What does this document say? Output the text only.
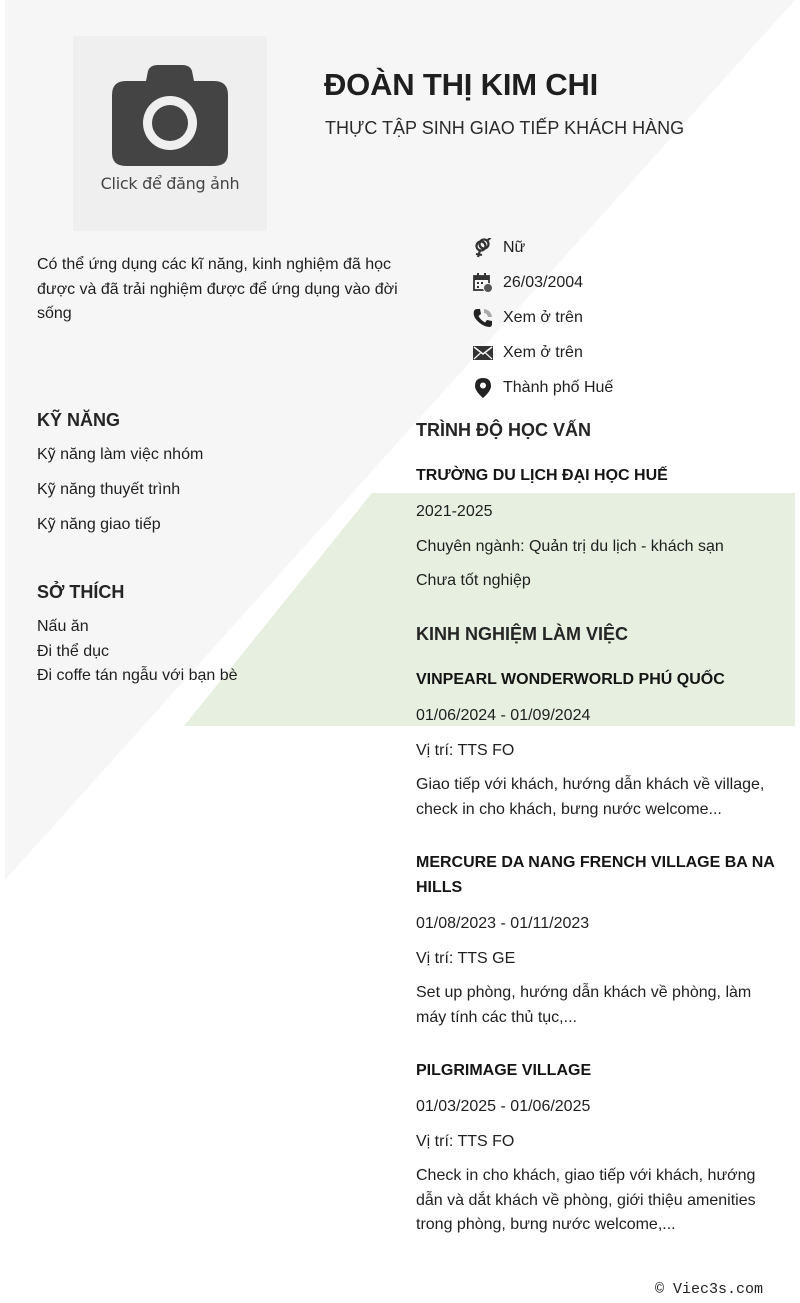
Click để đăng ảnh
ĐOÀN THỊ KIM CHI
THỰC TẬP SINH GIAO TIẾP KHÁCH HÀNG
Có thể ứng dụng các kĩ năng, kinh nghiệm đã học được và đã trải nghiệm được để ứng dụng vào đời sống
Nữ
26/03/2004
Xem ở trên
Xem ở trên
Thành phố Huế
KỸ NĂNG
Kỹ năng làm việc nhóm
Kỹ năng thuyết trình
Kỹ năng giao tiếp
SỞ THÍCH
Nấu ăn
Đi thể dục
Đi coffe tán ngẫu với bạn bè
TRÌNH ĐỘ HỌC VẤN
TRƯỜNG DU LỊCH ĐẠI HỌC HUẾ
2021-2025
Chuyên ngành: Quản trị du lịch - khách sạn
Chưa tốt nghiệp
KINH NGHIỆM LÀM VIỆC
VINPEARL WONDERWORLD PHÚ QUỐC
01/06/2024 - 01/09/2024
Vị trí: TTS FO
Giao tiếp với khách, hướng dẫn khách về village, check in cho khách, bưng nước welcome...
MERCURE DA NANG FRENCH VILLAGE BA NA HILLS
01/08/2023 - 01/11/2023
Vị trí: TTS GE
Set up phòng, hướng dẫn khách về phòng, làm máy tính các thủ tục,...
PILGRIMAGE VILLAGE
01/03/2025 - 01/06/2025
Vị trí: TTS FO
Check in cho khách, giao tiếp với khách, hướng dẫn và dắt khách về phòng, giới thiệu amenities trong phòng, bưng nước welcome,...
© Viec3s.com
